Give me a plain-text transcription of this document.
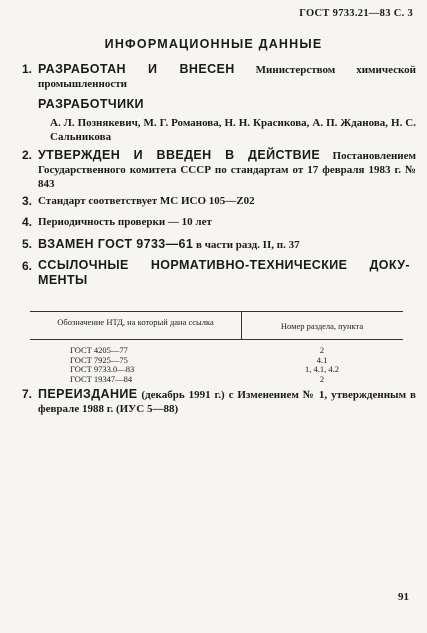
ГОСТ 9733.21—83 С. 3
ИНФОРМАЦИОННЫЕ ДАННЫЕ
1. РАЗРАБОТАН И ВНЕСЕН Министерством химической промышленности
РАЗРАБОТЧИКИ
А. Л. Познякевич, М. Г. Романова, Н. Н. Красикова, А. П. Жданова, Н. С. Сальникова
2. УТВЕРЖДЕН И ВВЕДЕН В ДЕЙСТВИЕ Постановлением Государственного комитета СССР по стандартам от 17 февраля 1983 г. № 843
3. Стандарт соответствует МС ИСО 105—Z02
4. Периодичность проверки — 10 лет
5. ВЗАМЕН ГОСТ 9733—61 в части разд. II, п. 37
6. ССЫЛОЧНЫЕ НОРМАТИВНО-ТЕХНИЧЕСКИЕ ДОКУ-
МЕНТЫ
Обозначение НТД, на который дана ссылка	Номер раздела, пункта
ГОСТ 4205—77	2
ГОСТ 7925—75	4.1
ГОСТ 9733.0—83	1, 4.1, 4.2
ГОСТ 19347—84	2
7. ПЕРЕИЗДАНИЕ (декабрь 1991 г.) с Изменением № 1, утвержденным в феврале 1988 г. (ИУС 5—88)
91
